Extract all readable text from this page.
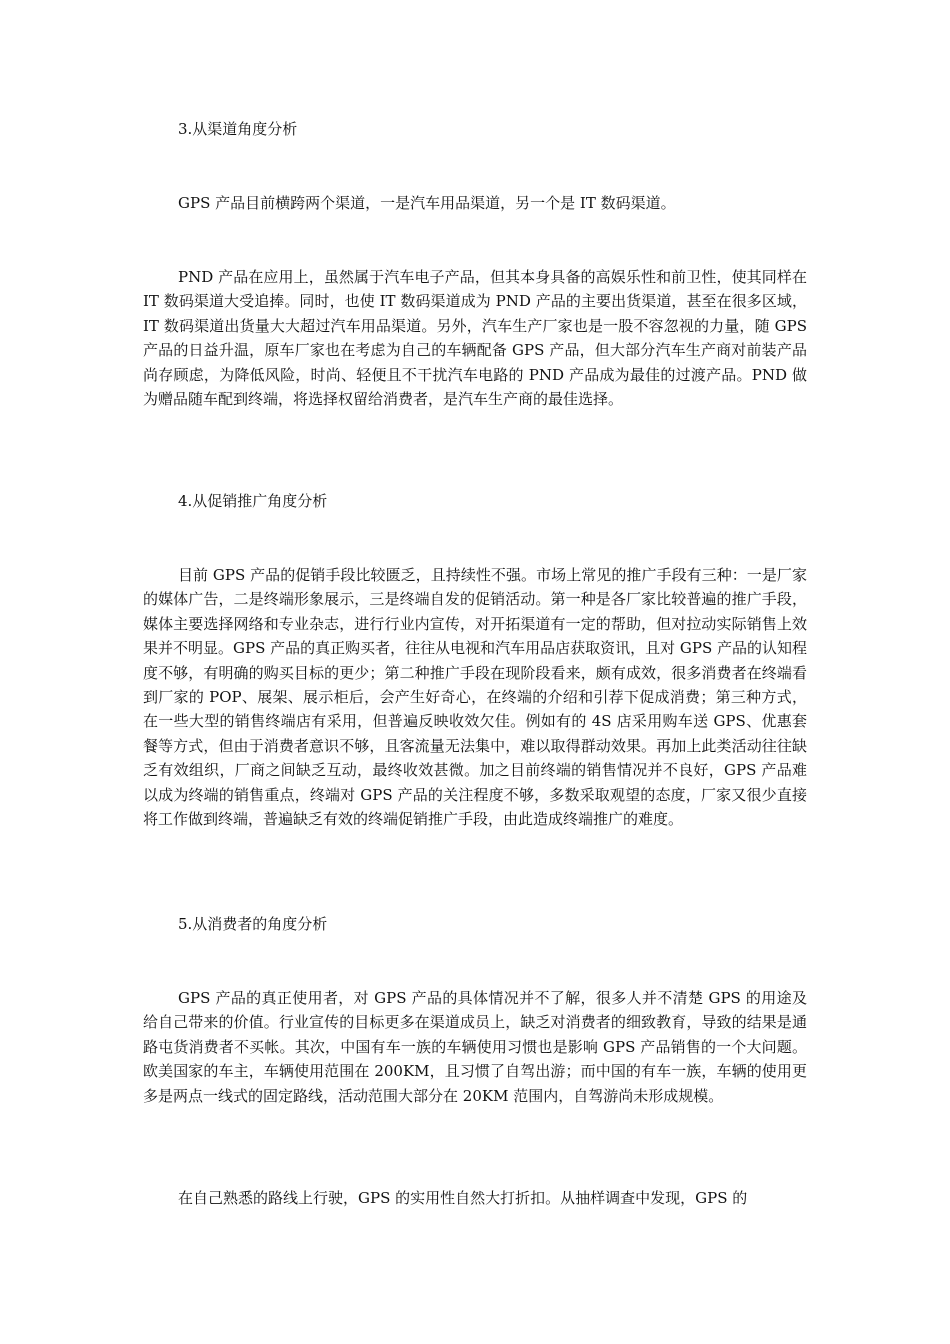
3.从渠道角度分析

GPS 产品目前横跨两个渠道，一是汽车用品渠道，另一个是 IT 数码渠道。

PND 产品在应用上，虽然属于汽车电子产品，但其本身具备的高娱乐性和前卫性，使其同样在 IT 数码渠道大受追捧。同时，也使 IT 数码渠道成为 PND 产品的主要出货渠道，甚至在很多区域，IT 数码渠道出货量大大超过汽车用品渠道。另外，汽车生产厂家也是一股不容忽视的力量，随 GPS 产品的日益升温，原车厂家也在考虑为自己的车辆配备 GPS 产品，但大部分汽车生产商对前装产品尚存顾虑，为降低风险，时尚、轻便且不干扰汽车电路的 PND 产品成为最佳的过渡产品。PND 做为赠品随车配到终端，将选择权留给消费者，是汽车生产商的最佳选择。

4.从促销推广角度分析

目前 GPS 产品的促销手段比较匮乏，且持续性不强。市场上常见的推广手段有三种：一是厂家的媒体广告，二是终端形象展示，三是终端自发的促销活动。第一种是各厂家比较普遍的推广手段，媒体主要选择网络和专业杂志，进行行业内宣传，对开拓渠道有一定的帮助，但对拉动实际销售上效果并不明显。GPS 产品的真正购买者，往往从电视和汽车用品店获取资讯，且对 GPS 产品的认知程度不够，有明确的购买目标的更少；第二种推广手段在现阶段看来，颇有成效，很多消费者在终端看到厂家的 POP、展架、展示柜后，会产生好奇心，在终端的介绍和引荐下促成消费；第三种方式，在一些大型的销售终端店有采用，但普遍反映收效欠佳。例如有的 4S 店采用购车送 GPS、优惠套餐等方式，但由于消费者意识不够，且客流量无法集中，难以取得群动效果。再加上此类活动往往缺乏有效组织，厂商之间缺乏互动，最终收效甚微。加之目前终端的销售情况并不良好，GPS 产品难以成为终端的销售重点，终端对 GPS 产品的关注程度不够，多数采取观望的态度，厂家又很少直接将工作做到终端，普遍缺乏有效的终端促销推广手段，由此造成终端推广的难度。

5.从消费者的角度分析

GPS 产品的真正使用者，对 GPS 产品的具体情况并不了解，很多人并不清楚 GPS 的用途及给自己带来的价值。行业宣传的目标更多在渠道成员上，缺乏对消费者的细致教育，导致的结果是通路屯货消费者不买帐。其次，中国有车一族的车辆使用习惯也是影响 GPS 产品销售的一个大问题。欧美国家的车主，车辆使用范围在 200KM，且习惯了自驾出游；而中国的有车一族，车辆的使用更多是两点一线式的固定路线，活动范围大部分在 20KM 范围内，自驾游尚未形成规模。

在自己熟悉的路线上行驶，GPS 的实用性自然大打折扣。从抽样调查中发现，GPS 的
